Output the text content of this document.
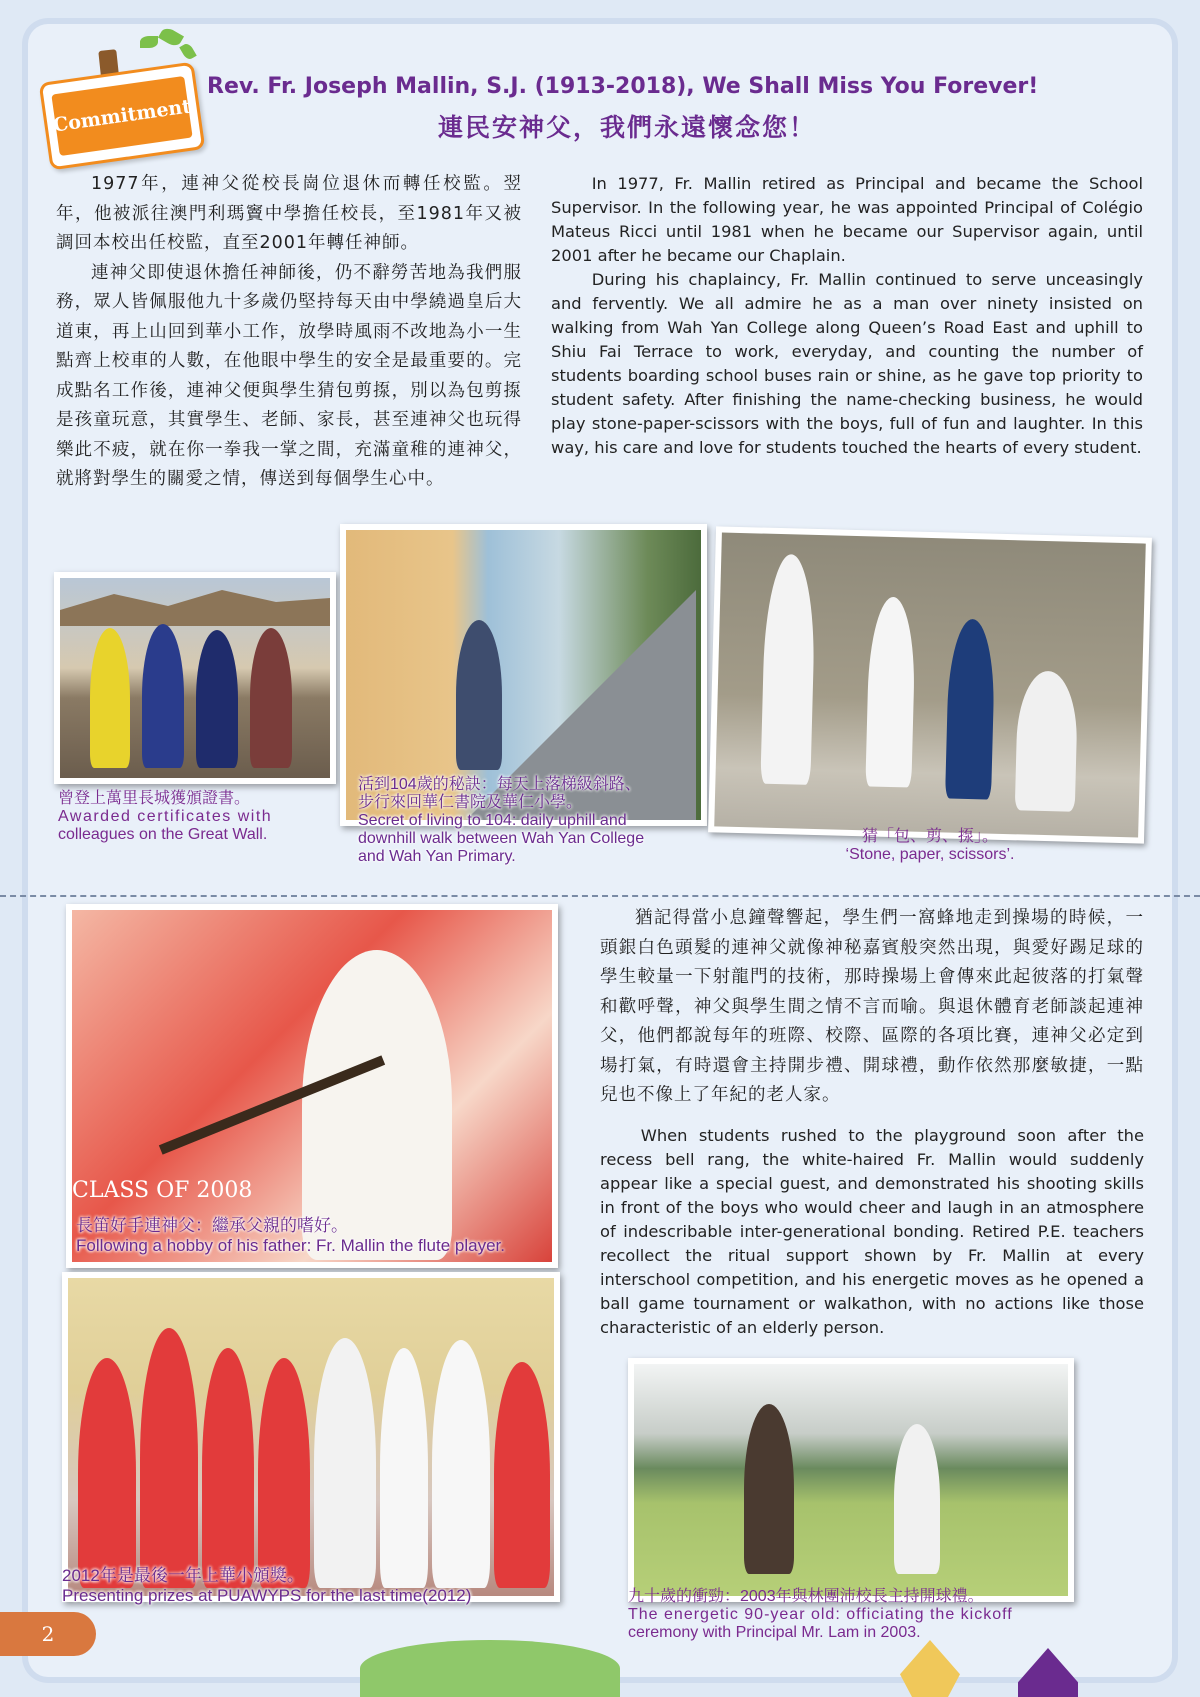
Commitment
Rev. Fr. Joseph Mallin, S.J. (1913-2018), We Shall Miss You Forever!
連民安神父，我們永遠懷念您！

1977年，連神父從校長崗位退休而轉任校監。翌年，他被派往澳門利瑪竇中學擔任校長，至1981年又被調回本校出任校監，直至2001年轉任神師。

連神父即使退休擔任神師後，仍不辭勞苦地為我們服務，眾人皆佩服他九十多歲仍堅持每天由中學繞過皇后大道東，再上山回到華小工作，放學時風雨不改地為小一生點齊上校車的人數，在他眼中學生的安全是最重要的。完成點名工作後，連神父便與學生猜包剪揼，別以為包剪揼是孩童玩意，其實學生、老師、家長，甚至連神父也玩得樂此不疲，就在你一拳我一掌之間，充滿童稚的連神父，就將對學生的關愛之情，傳送到每個學生心中。

In 1977, Fr. Mallin retired as Principal and became the School Supervisor. In the following year, he was appointed Principal of Colégio Mateus Ricci until 1981 when he became our Supervisor again, until 2001 after he became our Chaplain.

During his chaplaincy, Fr. Mallin continued to serve unceasingly and fervently. We all admire he as a man over ninety insisted on walking from Wah Yan College along Queen’s Road East and uphill to Shiu Fai Terrace to work, everyday, and counting the number of students boarding school buses rain or shine, as he gave top priority to student safety. After finishing the name-checking business, he would play stone-paper-scissors with the boys, full of fun and laughter. In this way, his care and love for students touched the hearts of every student.

曾登上萬里長城獲頒證書。
Awarded certificates with
colleagues on the Great Wall.
活到104歲的秘訣：每天上落梯級斜路、
步行來回華仁書院及華仁小學。
Secret of living to 104: daily uphill and
downhill walk between Wah Yan College
and Wah Yan Primary.
猜「包、剪、揼」。
‘Stone, paper, scissors’.

猶記得當小息鐘聲響起，學生們一窩蜂地走到操場的時候，一頭銀白色頭髮的連神父就像神秘嘉賓般突然出現，與愛好踢足球的學生較量一下射龍門的技術，那時操場上會傳來此起彼落的打氣聲和歡呼聲，神父與學生間之情不言而喻。與退休體育老師談起連神父，他們都說每年的班際、校際、區際的各項比賽，連神父必定到場打氣，有時還會主持開步禮、開球禮，動作依然那麼敏捷，一點兒也不像上了年紀的老人家。

When students rushed to the playground soon after the recess bell rang, the white-haired Fr. Mallin would suddenly appear like a special guest, and demonstrated his shooting skills in front of the boys who would cheer and laugh in an atmosphere of indescribable inter-generational bonding. Retired P.E. teachers recollect the ritual support shown by Fr. Mallin at every interschool competition, and his energetic moves as he opened a ball game tournament or walkathon, with no actions like those characteristic of an elderly person.

CLASS OF 2008
長笛好手連神父：繼承父親的嗜好。
Following a hobby of his father: Fr. Mallin the flute player.
2012年是最後一年上華小頒獎。
Presenting prizes at PUAWYPS for the last time(2012)	九十歲的衝勁：2003年與林團沛校長主持開球禮。
The energetic 90-year old: officiating the kickoff
ceremony with Principal Mr. Lam in 2003.
2
